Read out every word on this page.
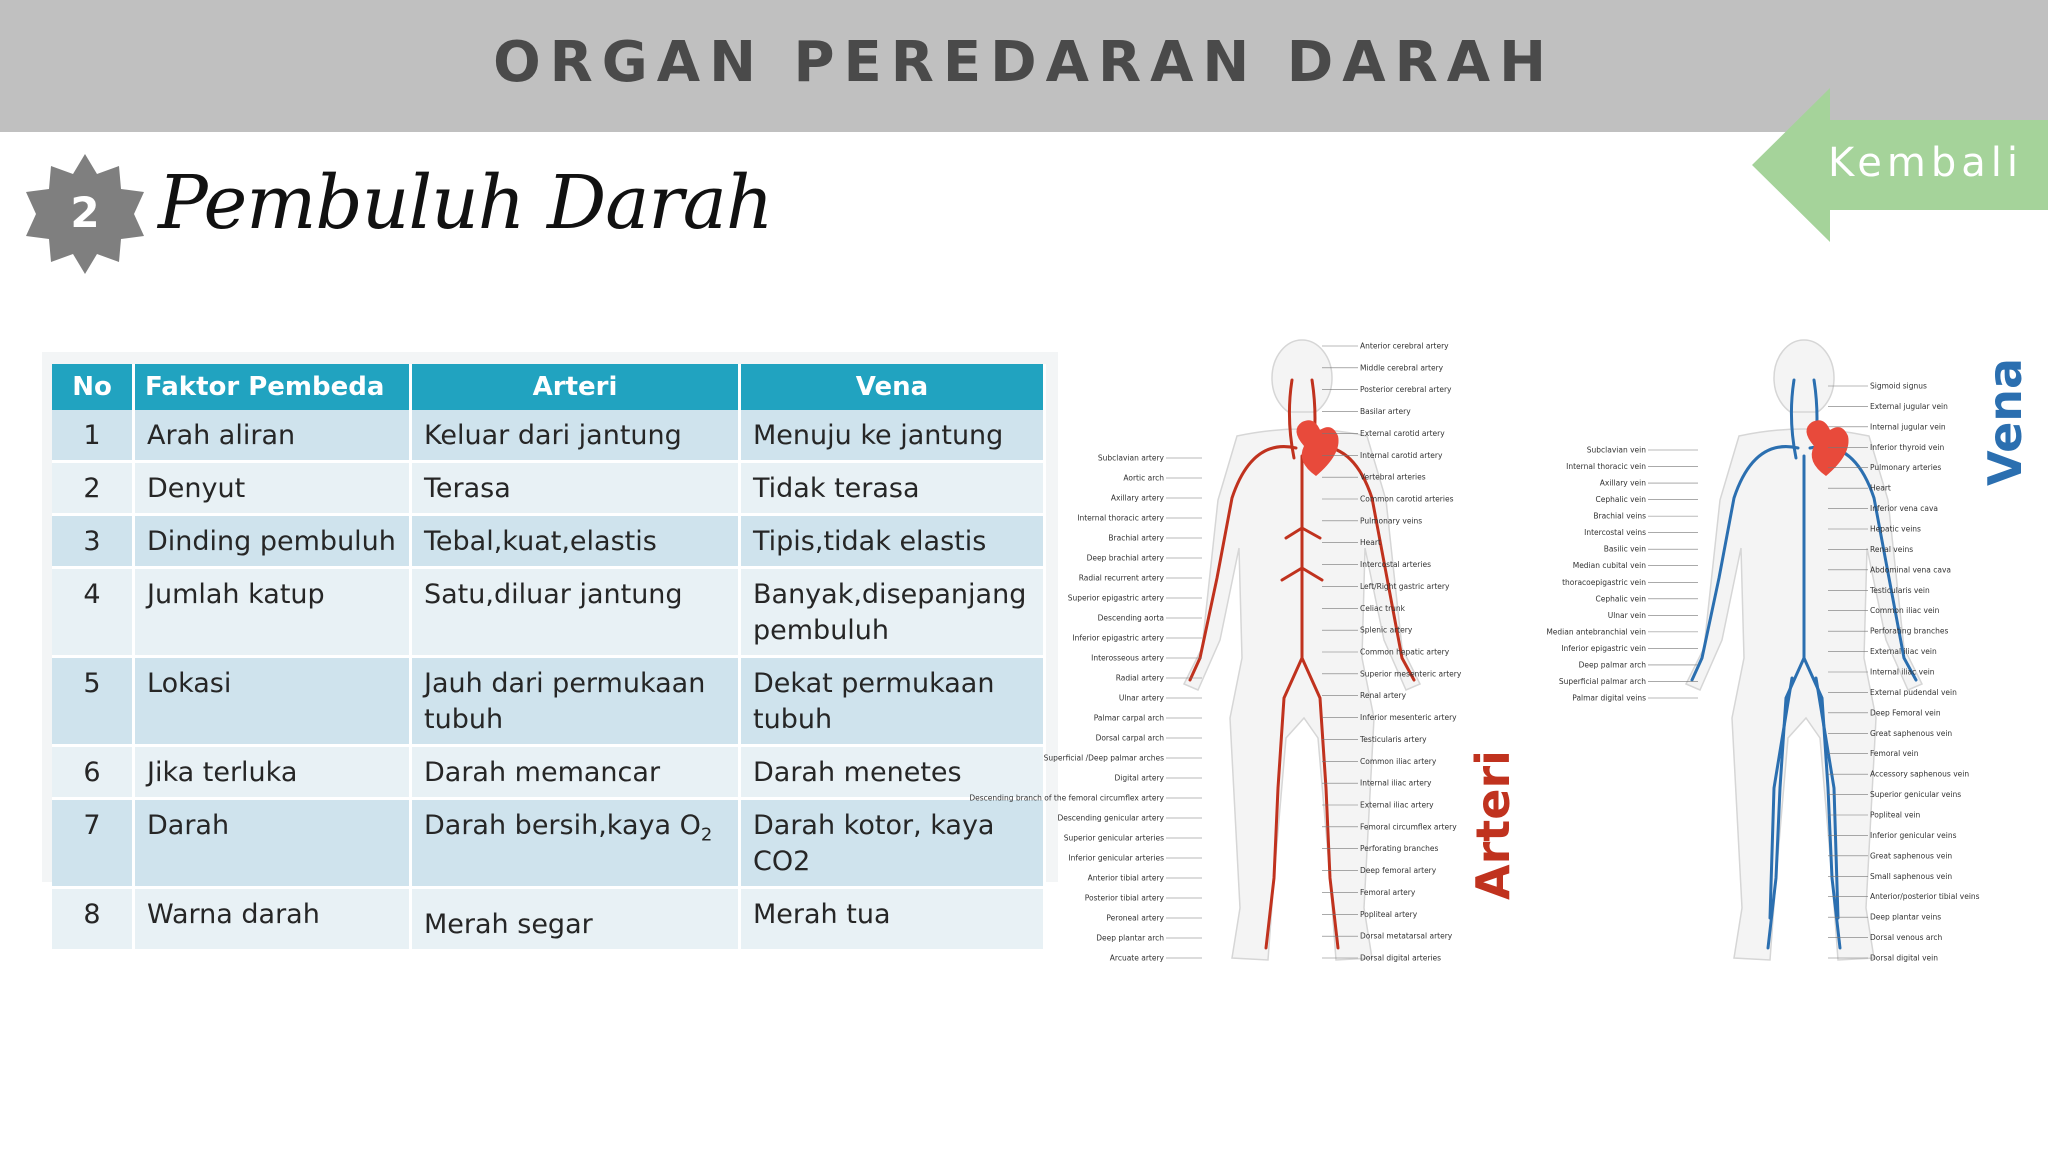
ORGAN PEREDARAN DARAH
Kembali
2 Pembuluh Darah
No	Faktor Pembeda	Arteri	Vena
1	Arah aliran	Keluar dari jantung	Menuju ke jantung
2	Denyut	Terasa	Tidak terasa
3	Dinding pembuluh	Tebal,kuat,elastis	Tipis,tidak elastis
4	Jumlah katup	Satu,diluar jantung	Banyak,disepanjang pembuluh
5	Lokasi	Jauh dari permukaan tubuh	Dekat permukaan tubuh
6	Jika terluka	Darah memancar	Darah menetes
7	Darah	Darah bersih,kaya $O_2$	Darah kotor, kaya CO2
8	Warna darah	Merah segar	Merah tua
Subclavian artery
Aortic arch
Axillary artery
Internal thoracic artery
Brachial artery
Deep brachial artery
Radial recurrent artery
Superior epigastric artery
Descending aorta
Inferior epigastric artery
Interosseous artery
Radial artery
Ulnar artery
Palmar carpal arch
Dorsal carpal arch
Superficial /Deep palmar arches
Digital artery
Descending branch of the femoral circumflex artery
Descending genicular artery
Superior genicular arteries
Inferior genicular arteries
Anterior tibial artery
Posterior tibial artery
Peroneal artery
Deep plantar arch
Arcuate artery
Anterior cerebral artery
Middle cerebral artery
Posterior cerebral artery
Basilar artery
External carotid artery
Internal carotid artery
Vertebral arteries
Common carotid arteries
Pulmonary veins
Heart
Intercostal arteries
Left/Right gastric artery
Celiac trunk
Splenic artery
Common hepatic artery
Superior mesenteric artery
Renal artery
Inferior mesenteric artery
Testicularis artery
Common iliac artery
Internal iliac artery
External iliac artery
Femoral circumflex artery
Perforating branches
Deep femoral artery
Femoral artery
Popliteal artery
Dorsal metatarsal artery
Dorsal digital arteries
Arteri
Subclavian vein
Internal thoracic vein
Axillary vein
Cephalic vein
Brachial veins
Intercostal veins
Basilic vein
Median cubital vein
thoracoepigastric vein
Cephalic vein
Ulnar vein
Median antebranchial vein
Inferior epigastric vein
Deep palmar arch
Superficial palmar arch
Palmar digital veins
Sigmoid signus
External jugular vein
Internal jugular vein
Inferior thyroid vein
Pulmonary arteries
Heart
Inferior vena cava
Hepatic veins
Renal veins
Abdominal vena cava
Testicularis vein
Common iliac vein
Perforating branches
External iliac vein
Internal iliac vein
External pudendal vein
Deep Femoral vein
Great saphenous vein
Femoral vein
Accessory saphenous vein
Superior genicular veins
Popliteal vein
Inferior genicular veins
Great saphenous vein
Small saphenous vein
Anterior/posterior tibial veins
Deep plantar veins
Dorsal venous arch
Dorsal digital vein
Vena
